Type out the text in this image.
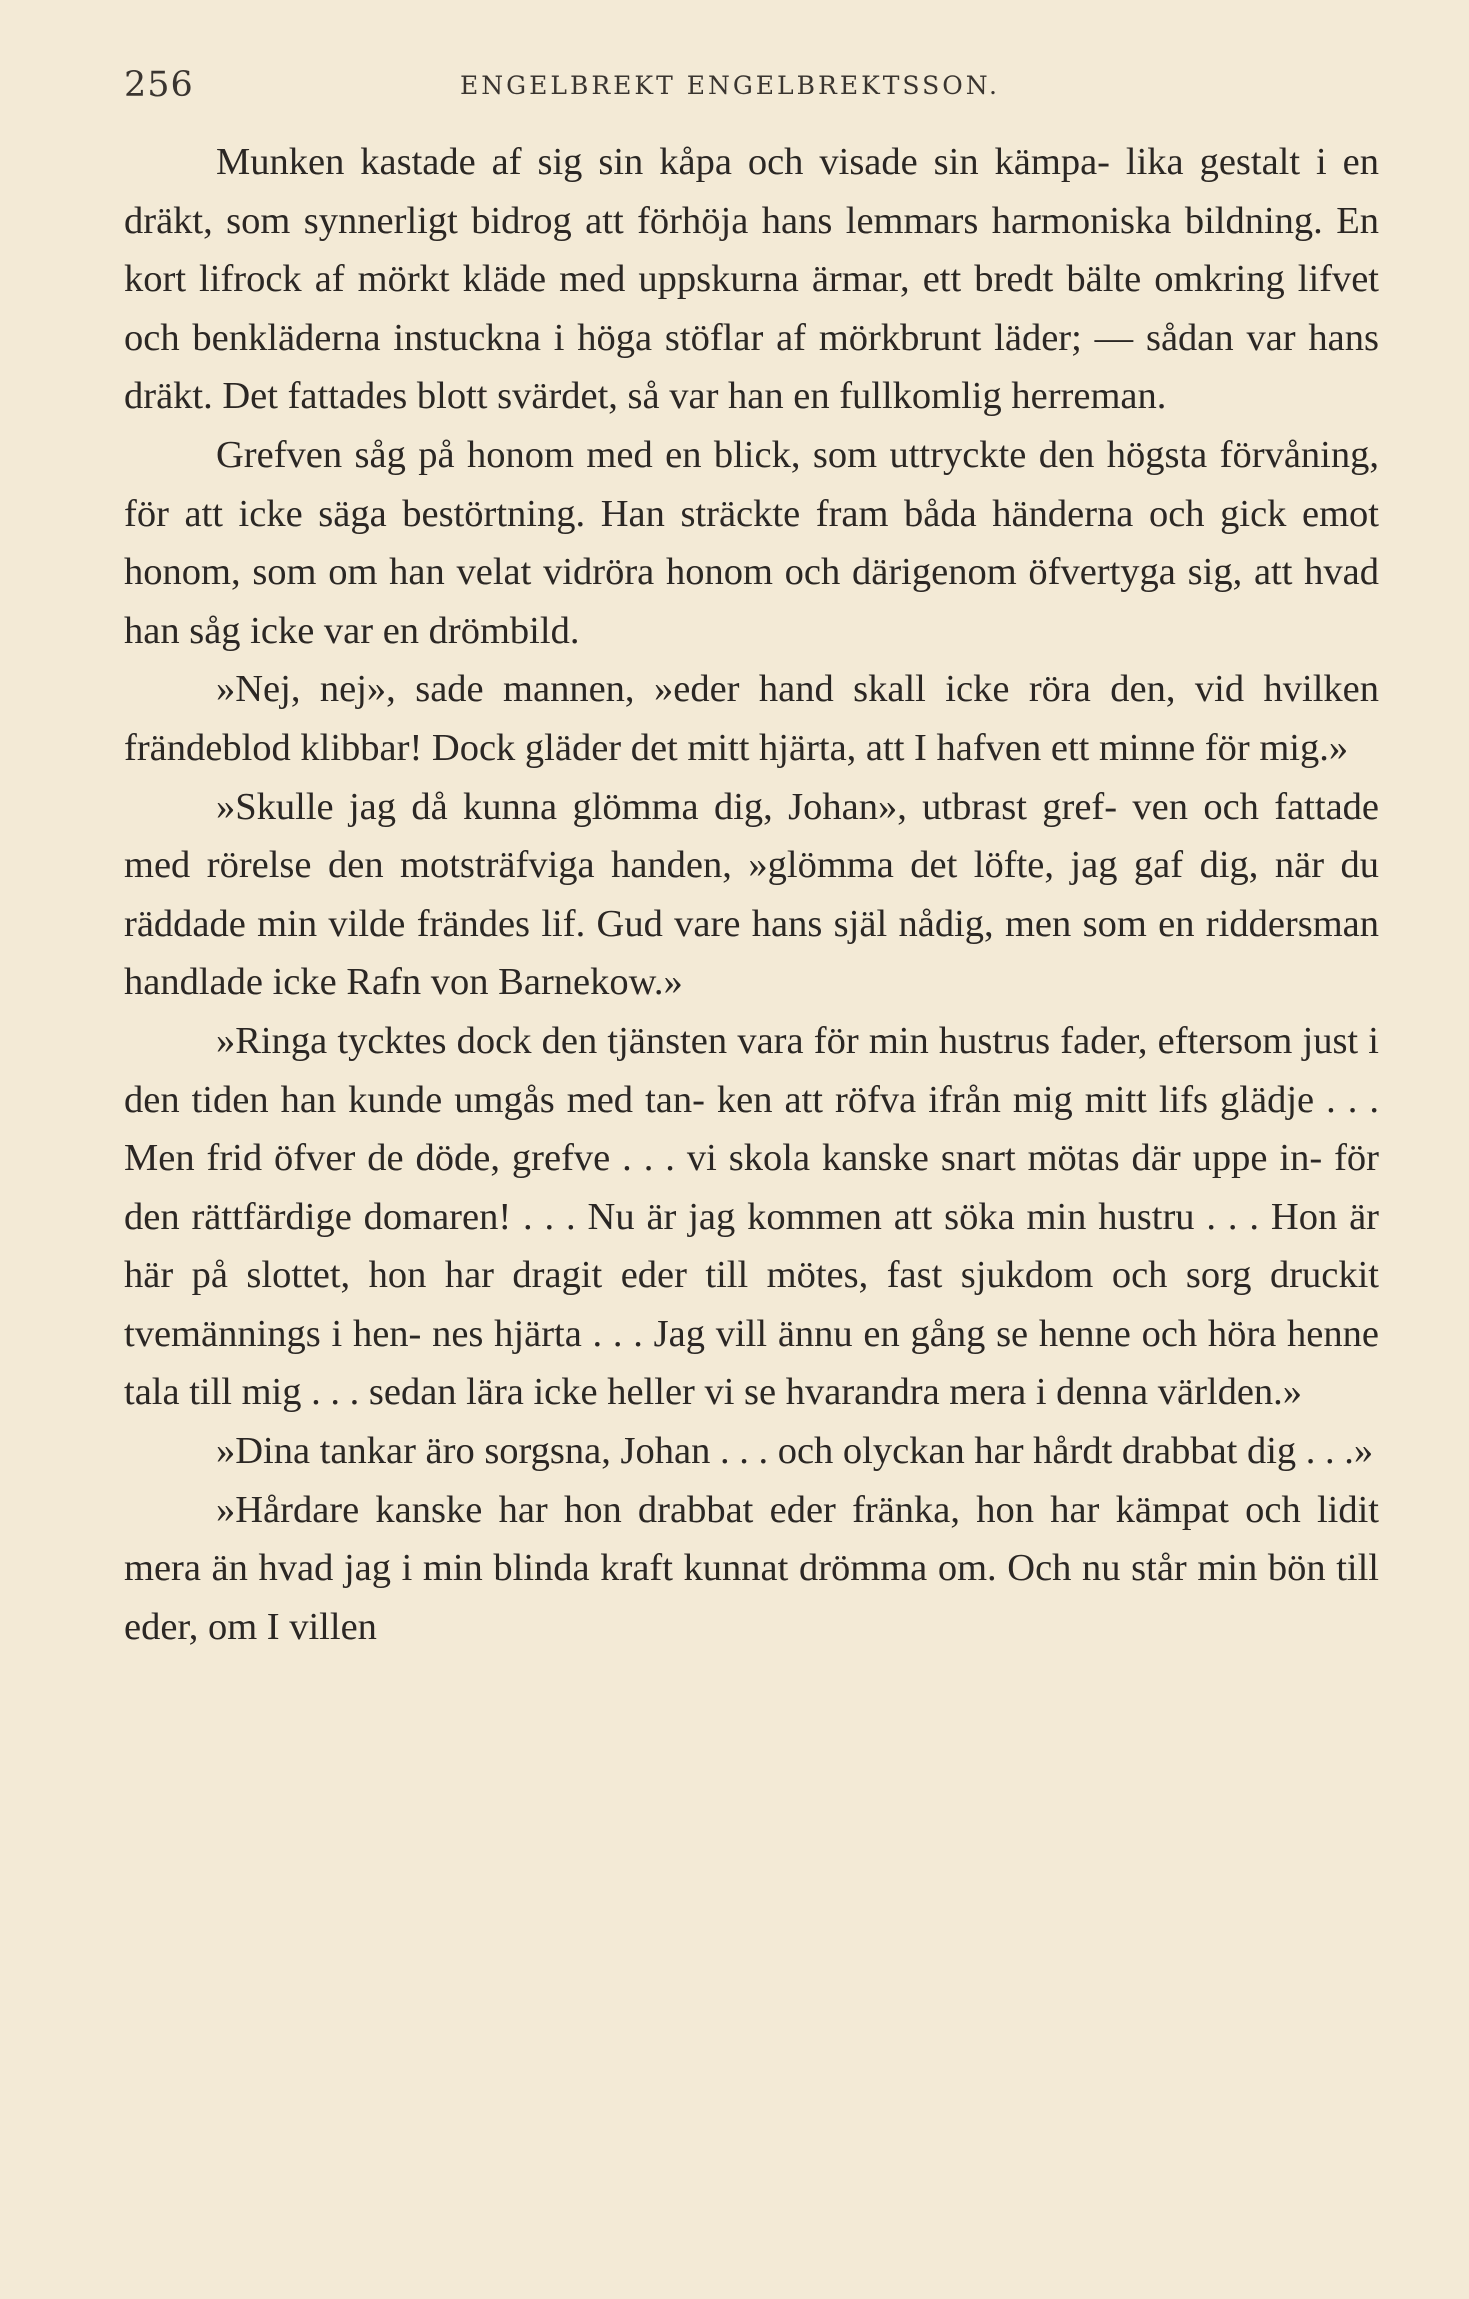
256	ENGELBREKT ENGELBREKTSSON.

Munken kastade af sig sin kåpa och visade sin kämpa- lika gestalt i en dräkt, som synnerligt bidrog att förhöja hans lemmars harmoniska bildning. En kort lifrock af mörkt kläde med uppskurna ärmar, ett bredt bälte omkring lifvet och benkläderna instuckna i höga stöflar af mörkbrunt läder; — sådan var hans dräkt. Det fattades blott svärdet, så var han en fullkomlig herreman.

Grefven såg på honom med en blick, som uttryckte den högsta förvåning, för att icke säga bestörtning. Han sträckte fram båda händerna och gick emot honom, som om han velat vidröra honom och därigenom öfvertyga sig, att hvad han såg icke var en drömbild.

»Nej, nej», sade mannen, »eder hand skall icke röra den, vid hvilken frändeblod klibbar! Dock gläder det mitt hjärta, att I hafven ett minne för mig.»

»Skulle jag då kunna glömma dig, Johan», utbrast gref- ven och fattade med rörelse den motsträfviga handen, »glömma det löfte, jag gaf dig, när du räddade min vilde frändes lif. Gud vare hans själ nådig, men som en riddersman handlade icke Rafn von Barnekow.»

»Ringa tycktes dock den tjänsten vara för min hustrus fader, eftersom just i den tiden han kunde umgås med tan- ken att röfva ifrån mig mitt lifs glädje . . . Men frid öfver de döde, grefve . . . vi skola kanske snart mötas där uppe in- för den rättfärdige domaren! . . . Nu är jag kommen att söka min hustru . . . Hon är här på slottet, hon har dragit eder till mötes, fast sjukdom och sorg druckit tvemännings i hen- nes hjärta . . . Jag vill ännu en gång se henne och höra henne tala till mig . . . sedan lära icke heller vi se hvarandra mera i denna världen.»

»Dina tankar äro sorgsna, Johan . . . och olyckan har hårdt drabbat dig . . .»

»Hårdare kanske har hon drabbat eder fränka, hon har kämpat och lidit mera än hvad jag i min blinda kraft kunnat drömma om. Och nu står min bön till eder, om I villen
